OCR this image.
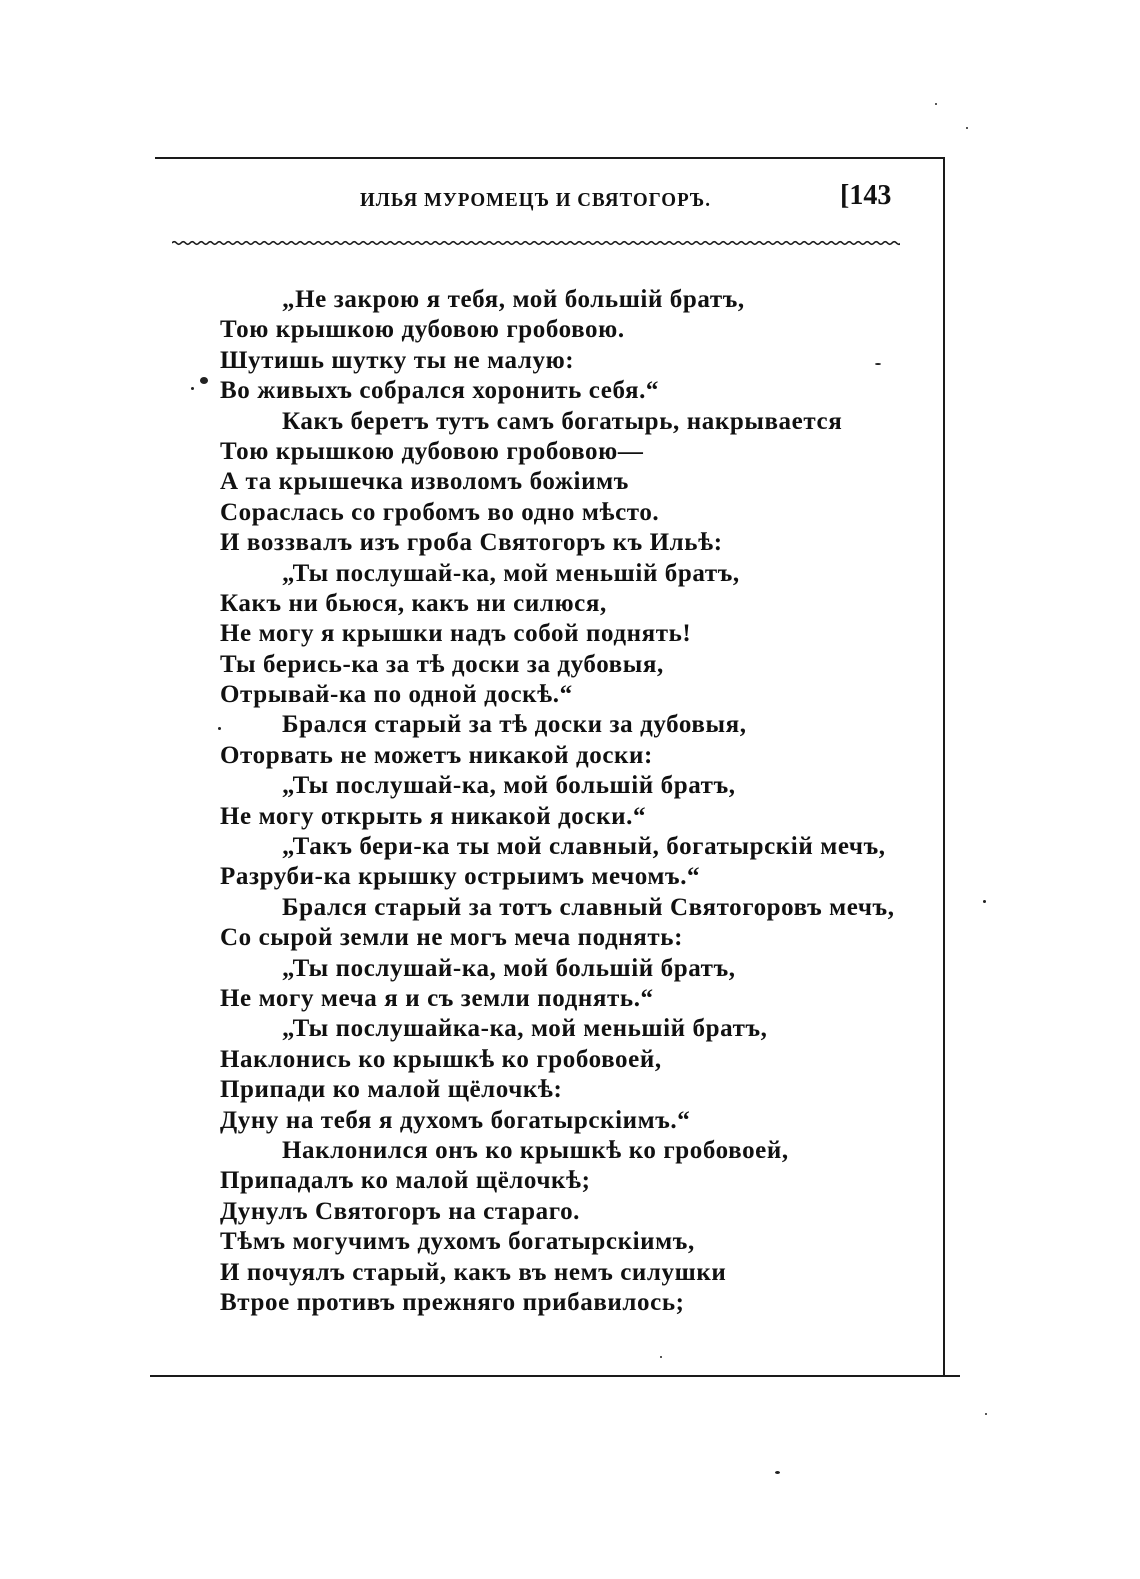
ИЛЬЯ МУРОМЕЦЪ И СВЯТОГОРЪ.	[143
„Не закрою я тебя, мой большій братъ,
Тою крышкою дубовою гробовою.
Шутишь шутку ты не малую:
Во живыхъ собрался хоронить себя.“
Какъ беретъ тутъ самъ богатырь, накрывается
Тою крышкою дубовою гробовою—
А та крышечка изволомъ божіимъ
Сораслась со гробомъ во одно мѣсто.
И воззвалъ изъ гроба Святогоръ къ Ильѣ:
„Ты послушай-ка, мой меньшій братъ,
Какъ ни бьюся, какъ ни силюся,
Не могу я крышки надъ собой поднять!
Ты берись-ка за тѣ доски за дубовыя,
Отрывай-ка по одной доскѣ.“
Брался старый за тѣ доски за дубовыя,
Оторвать не можетъ никакой доски:
„Ты послушай-ка, мой большій братъ,
Не могу открыть я никакой доски.“
„Такъ бери-ка ты мой славный, богатырскій мечъ,
Разруби-ка крышку острыимъ мечомъ.“
Брался старый за тотъ славный Святогоровъ мечъ,
Со сырой земли не могъ меча поднять:
„Ты послушай-ка, мой большій братъ,
Не могу меча я и съ земли поднять.“
„Ты послушайка-ка, мой меньшій братъ,
Наклонись ко крышкѣ ко гробовоей,
Припади ко малой щёлочкѣ:
Дуну на тебя я духомъ богатырскіимъ.“
Наклонился онъ ко крышкѣ ко гробовоей,
Припадалъ ко малой щёлочкѣ;
Дунулъ Святогоръ на стараго.
Тѣмъ могучимъ духомъ богатырскіимъ,
И почуялъ старый, какъ въ немъ силушки
Втрое противъ прежняго прибавилось;
